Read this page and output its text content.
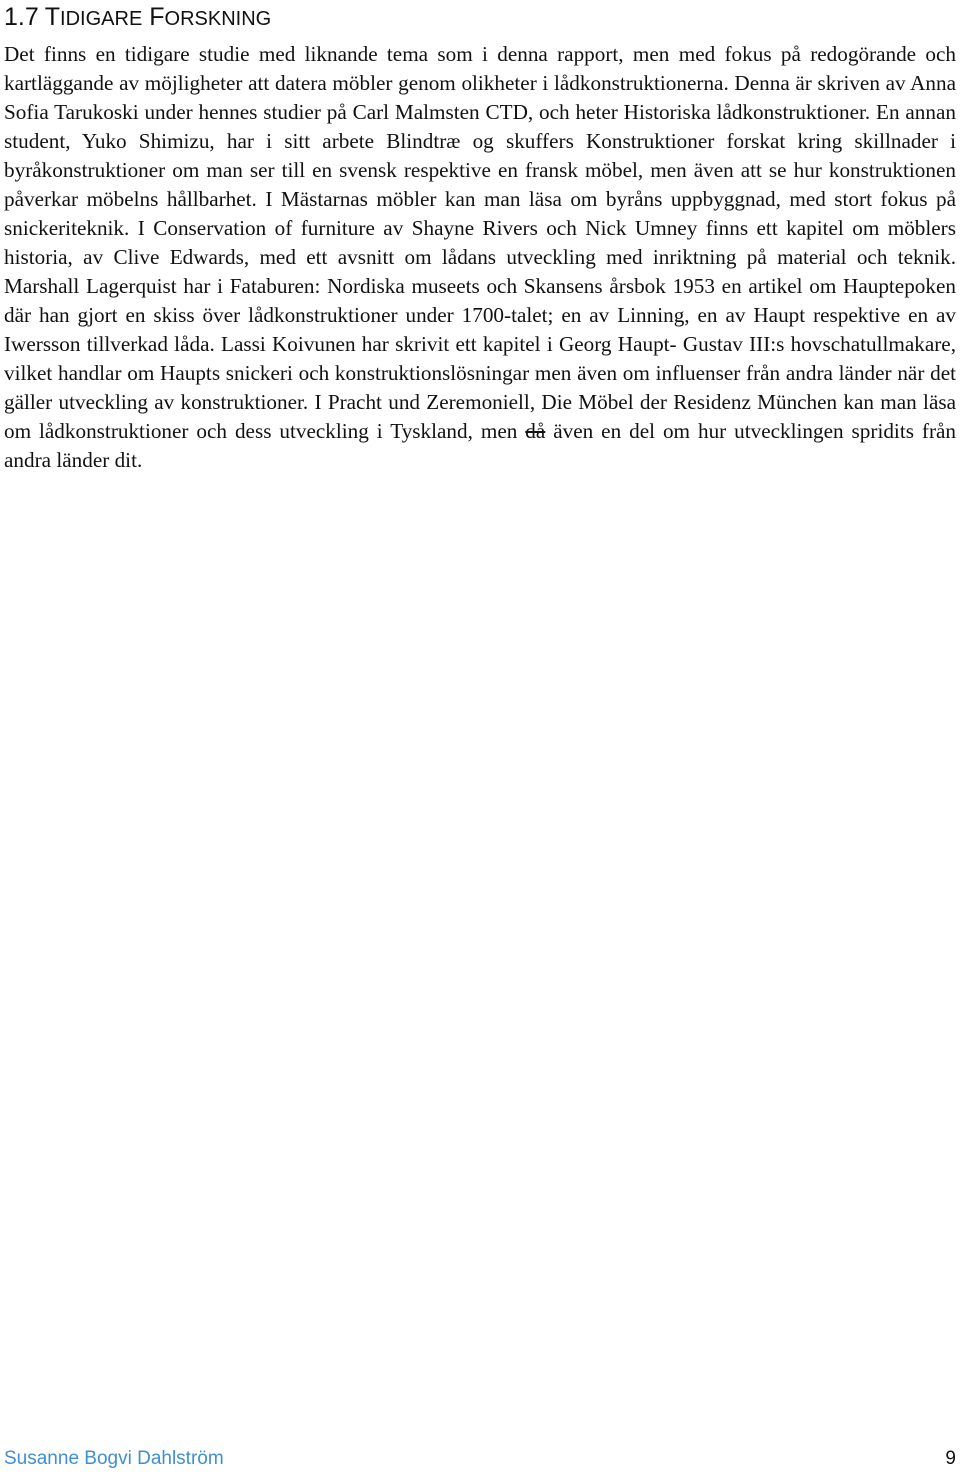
1.7 TIDIGARE FORSKNING

Det finns en tidigare studie med liknande tema som i denna rapport, men med fokus på redogörande och kartläggande av möjligheter att datera möbler genom olikheter i lådkonstruktionerna. Denna är skriven av Anna Sofia Tarukoski under hennes studier på Carl Malmsten CTD, och heter Historiska lådkonstruktioner. En annan student, Yuko Shimizu, har i sitt arbete Blindtræ og skuffers Konstruktioner forskat kring skillnader i byråkonstruktioner om man ser till en svensk respektive en fransk möbel, men även att se hur konstruktionen påverkar möbelns hållbarhet. I Mästarnas möbler kan man läsa om byråns uppbyggnad, med stort fokus på snickeriteknik. I Conservation of furniture av Shayne Rivers och Nick Umney finns ett kapitel om möblers historia, av Clive Edwards, med ett avsnitt om lådans utveckling med inriktning på material och teknik. Marshall Lagerquist har i Fataburen: Nordiska museets och Skansens årsbok 1953 en artikel om Hauptepoken där han gjort en skiss över lådkonstruktioner under 1700-talet; en av Linning, en av Haupt respektive en av Iwersson tillverkad låda. Lassi Koivunen har skrivit ett kapitel i Georg Haupt- Gustav III:s hovschatullmakare, vilket handlar om Haupts snickeri och konstruktionslösningar men även om influenser från andra länder när det gäller utveckling av konstruktioner. I Pracht und Zeremoniell, Die Möbel der Residenz München kan man läsa om lådkonstruktioner och dess utveckling i Tyskland, men då även en del om hur utvecklingen spridits från andra länder dit.

Susanne Bogvi Dahlström	9
